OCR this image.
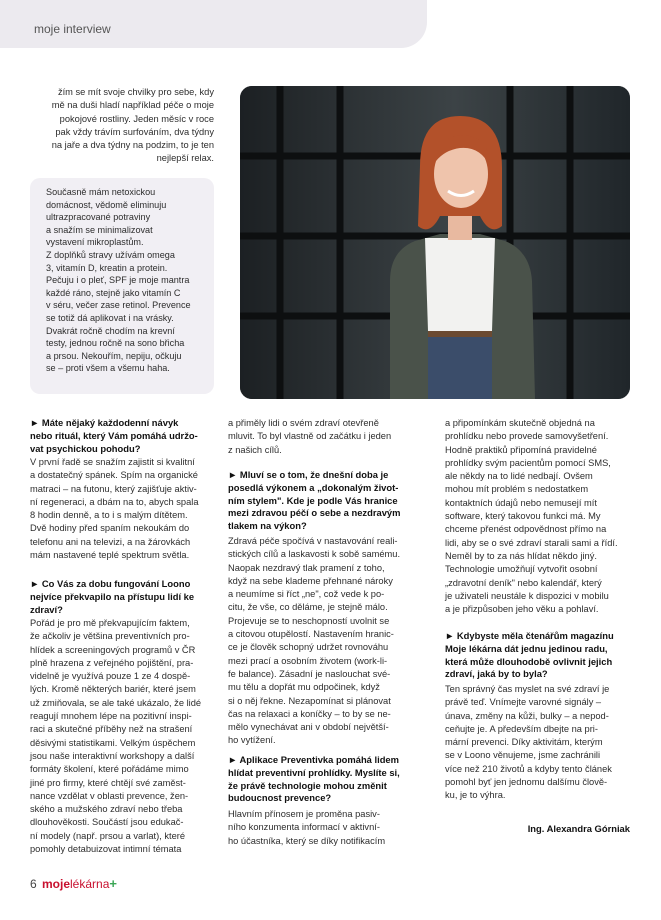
moje interview
žím se mít svoje chvilky pro sebe, kdy
mě na duši hladí například péče o moje
pokojové rostliny. Jeden měsíc v roce
pak vždy trávím surfováním, dva týdny
na jaře a dva týdny na podzim, to je ten
nejlepší relax.
Současně mám netoxickou
domácnost, vědomě eliminuju
ultrazpracované potraviny
a snažím se minimalizovat
vystavení mikroplastům.
Z doplňků stravy užívám omega
3, vitamín D, kreatin a protein.
Pečuju i o pleť, SPF je moje mantra
každé ráno, stejně jako vitamín C
v séru, večer zase retinol. Prevence
se totiž dá aplikovat i na vrásky.
Dvakrát ročně chodím na krevní
testy, jednou ročně na sono břicha
a prsou. Nekouřím, nepiju, očkuju
se – proti všem a všemu haha.
► Máte nějaký každodenní návyk
nebo rituál, který Vám pomáhá udržo-
vat psychickou pohodu?
V první řadě se snažím zajistit si kvalitní
a dostatečný spánek. Spím na organické
matraci – na futonu, který zajišťuje aktiv-
ní regeneraci, a dbám na to, abych spala
8 hodin denně, a to i s malým dítětem.
Dvě hodiny před spaním nekoukám do
telefonu ani na televizi, a na žárovkách
mám nastavené teplé spektrum světla.
► Co Vás za dobu fungování Loono
nejvíce překvapilo na přístupu lidí ke
zdraví?
Pořád je pro mě překvapujícím faktem,
že ačkoliv je většina preventivních pro-
hlídek a screeningových programů v ČR
plně hrazena z veřejného pojištění, pra-
videlně je využívá pouze 1 ze 4 dospě-
lých. Kromě některých bariér, které jsem
už zmiňovala, se ale také ukázalo, že lidé
reagují mnohem lépe na pozitivní inspi-
raci a skutečné příběhy než na strašení
děsivými statistikami. Velkým úspěchem
jsou naše interaktivní workshopy a další
formáty školení, které pořádáme mimo
jiné pro firmy, které chtějí své zaměst-
nance vzdělat v oblasti prevence, žen-
ského a mužského zdraví nebo třeba
dlouhověkosti. Součástí jsou edukač-
ní modely (např. prsou a varlat), které
pomohly detabuizovat intimní témata
a přiměly lidi o svém zdraví otevřeně
mluvit. To byl vlastně od začátku i jeden
z našich cílů.
► Mluví se o tom, že dnešní doba je
posedlá výkonem a „dokonalým život-
ním stylem". Kde je podle Vás hranice
mezi zdravou péčí o sebe a nezdravým
tlakem na výkon?
Zdravá péče spočívá v nastavování reali-
stických cílů a laskavosti k sobě samému.
Naopak nezdravý tlak pramení z toho,
když na sebe klademe přehnané nároky
a neumíme si říct „ne", což vede k po-
citu, že vše, co děláme, je stejně málo.
Projevuje se to neschopností uvolnit se
a citovou otupělostí. Nastavením hranic-
ce je člověk schopný udržet rovnováhu
mezi prací a osobním životem (work-li-
fe balance). Zásadní je naslouchat své-
mu tělu a dopřát mu odpočinek, když
si o něj řekne. Nezapomínat si plánovat
čas na relaxaci a koníčky – to by se ne-
mělo vynechávat ani v období největší-
ho vytížení.
► Aplikace Preventivka pomáhá lidem
hlídat preventivní prohlídky. Myslíte si,
že právě technologie mohou změnit
budoucnost prevence?
Hlavním přínosem je proměna pasiv-
ního konzumenta informací v aktivní-
ho účastníka, který se díky notifikacím
a připomínkám skutečně objedná na
prohlídku nebo provede samovyšetření.
Hodně praktiků připomíná pravidelné
prohlídky svým pacientům pomocí SMS,
ale někdy na to lidé nedbají. Ovšem
mohou mít problém s nedostatkem
kontaktních údajů nebo nemusejí mít
software, který takovou funkci má. My
chceme přenést odpovědnost přímo na
lidi, aby se o své zdraví starali sami a řídí.
Neměl by to za nás hlídat někdo jiný.
Technologie umožňují vytvořit osobní
„zdravotní deník" nebo kalendář, který
je uživateli neustále k dispozici v mobilu
a je přizpůsoben jeho věku a pohlaví.
► Kdybyste měla čtenářům magazínu
Moje lékárna dát jednu jedinou radu,
která může dlouhodobě ovlivnit jejich
zdraví, jaká by to byla?
Ten správný čas myslet na své zdraví je
právě teď. Vnímejte varovné signály –
únava, změny na kůži, bulky – a nepod-
ceňujte je. A především dbejte na pri-
mární prevenci. Díky aktivitám, kterým
se v Loono věnujeme, jsme zachránili
více než 210 životů a kdyby tento článek
pomohl byť jen jednomu dalšímu člově-
ku, je to výhra.

Ing. Alexandra Górniak

6 mojelékárna+
